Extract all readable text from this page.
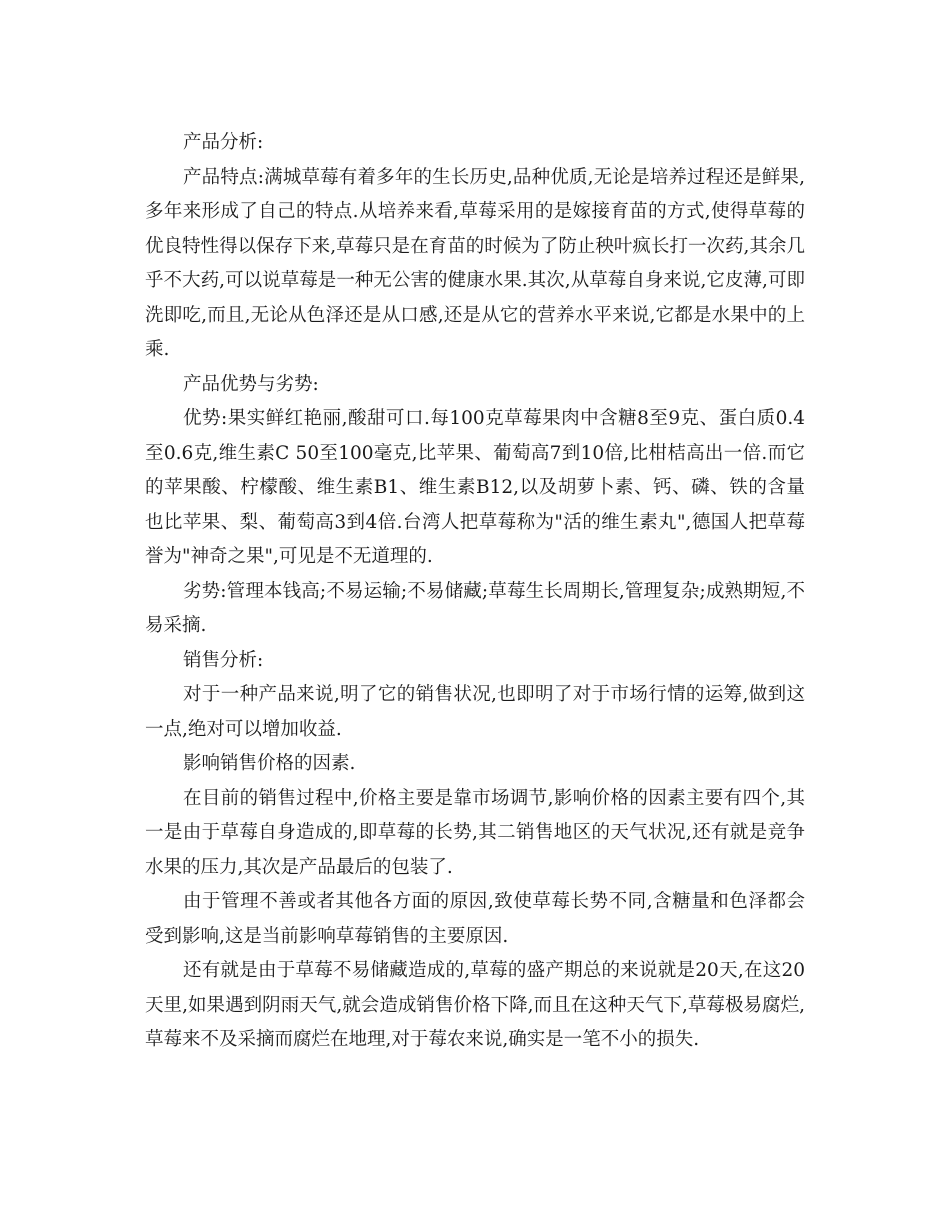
产品分析:

产品特点:满城草莓有着多年的生长历史,品种优质,无论是培养过程还是鲜果,多年来形成了自己的特点.从培养来看,草莓采用的是嫁接育苗的方式,使得草莓的优良特性得以保存下来,草莓只是在育苗的时候为了防止秧叶疯长打一次药,其余几乎不大药,可以说草莓是一种无公害的健康水果.其次,从草莓自身来说,它皮薄,可即洗即吃,而且,无论从色泽还是从口感,还是从它的营养水平来说,它都是水果中的上乘.

产品优势与劣势:

优势:果实鲜红艳丽,酸甜可口.每100克草莓果肉中含糖8至9克、蛋白质0.4至0.6克,维生素C 50至100毫克,比苹果、葡萄高7到10倍,比柑桔高出一倍.而它的苹果酸、柠檬酸、维生素B1、维生素B12,以及胡萝卜素、钙、磷、铁的含量也比苹果、梨、葡萄高3到4倍.台湾人把草莓称为"活的维生素丸",德国人把草莓誉为"神奇之果",可见是不无道理的.

劣势:管理本钱高;不易运输;不易储藏;草莓生长周期长,管理复杂;成熟期短,不易采摘.

销售分析:

对于一种产品来说,明了它的销售状况,也即明了对于市场行情的运筹,做到这一点,绝对可以增加收益.

影响销售价格的因素.

在目前的销售过程中,价格主要是靠市场调节,影响价格的因素主要有四个,其一是由于草莓自身造成的,即草莓的长势,其二销售地区的天气状况,还有就是竞争水果的压力,其次是产品最后的包装了.

由于管理不善或者其他各方面的原因,致使草莓长势不同,含糖量和色泽都会受到影响,这是当前影响草莓销售的主要原因.

还有就是由于草莓不易储藏造成的,草莓的盛产期总的来说就是20天,在这20天里,如果遇到阴雨天气,就会造成销售价格下降,而且在这种天气下,草莓极易腐烂,草莓来不及采摘而腐烂在地理,对于莓农来说,确实是一笔不小的损失.
